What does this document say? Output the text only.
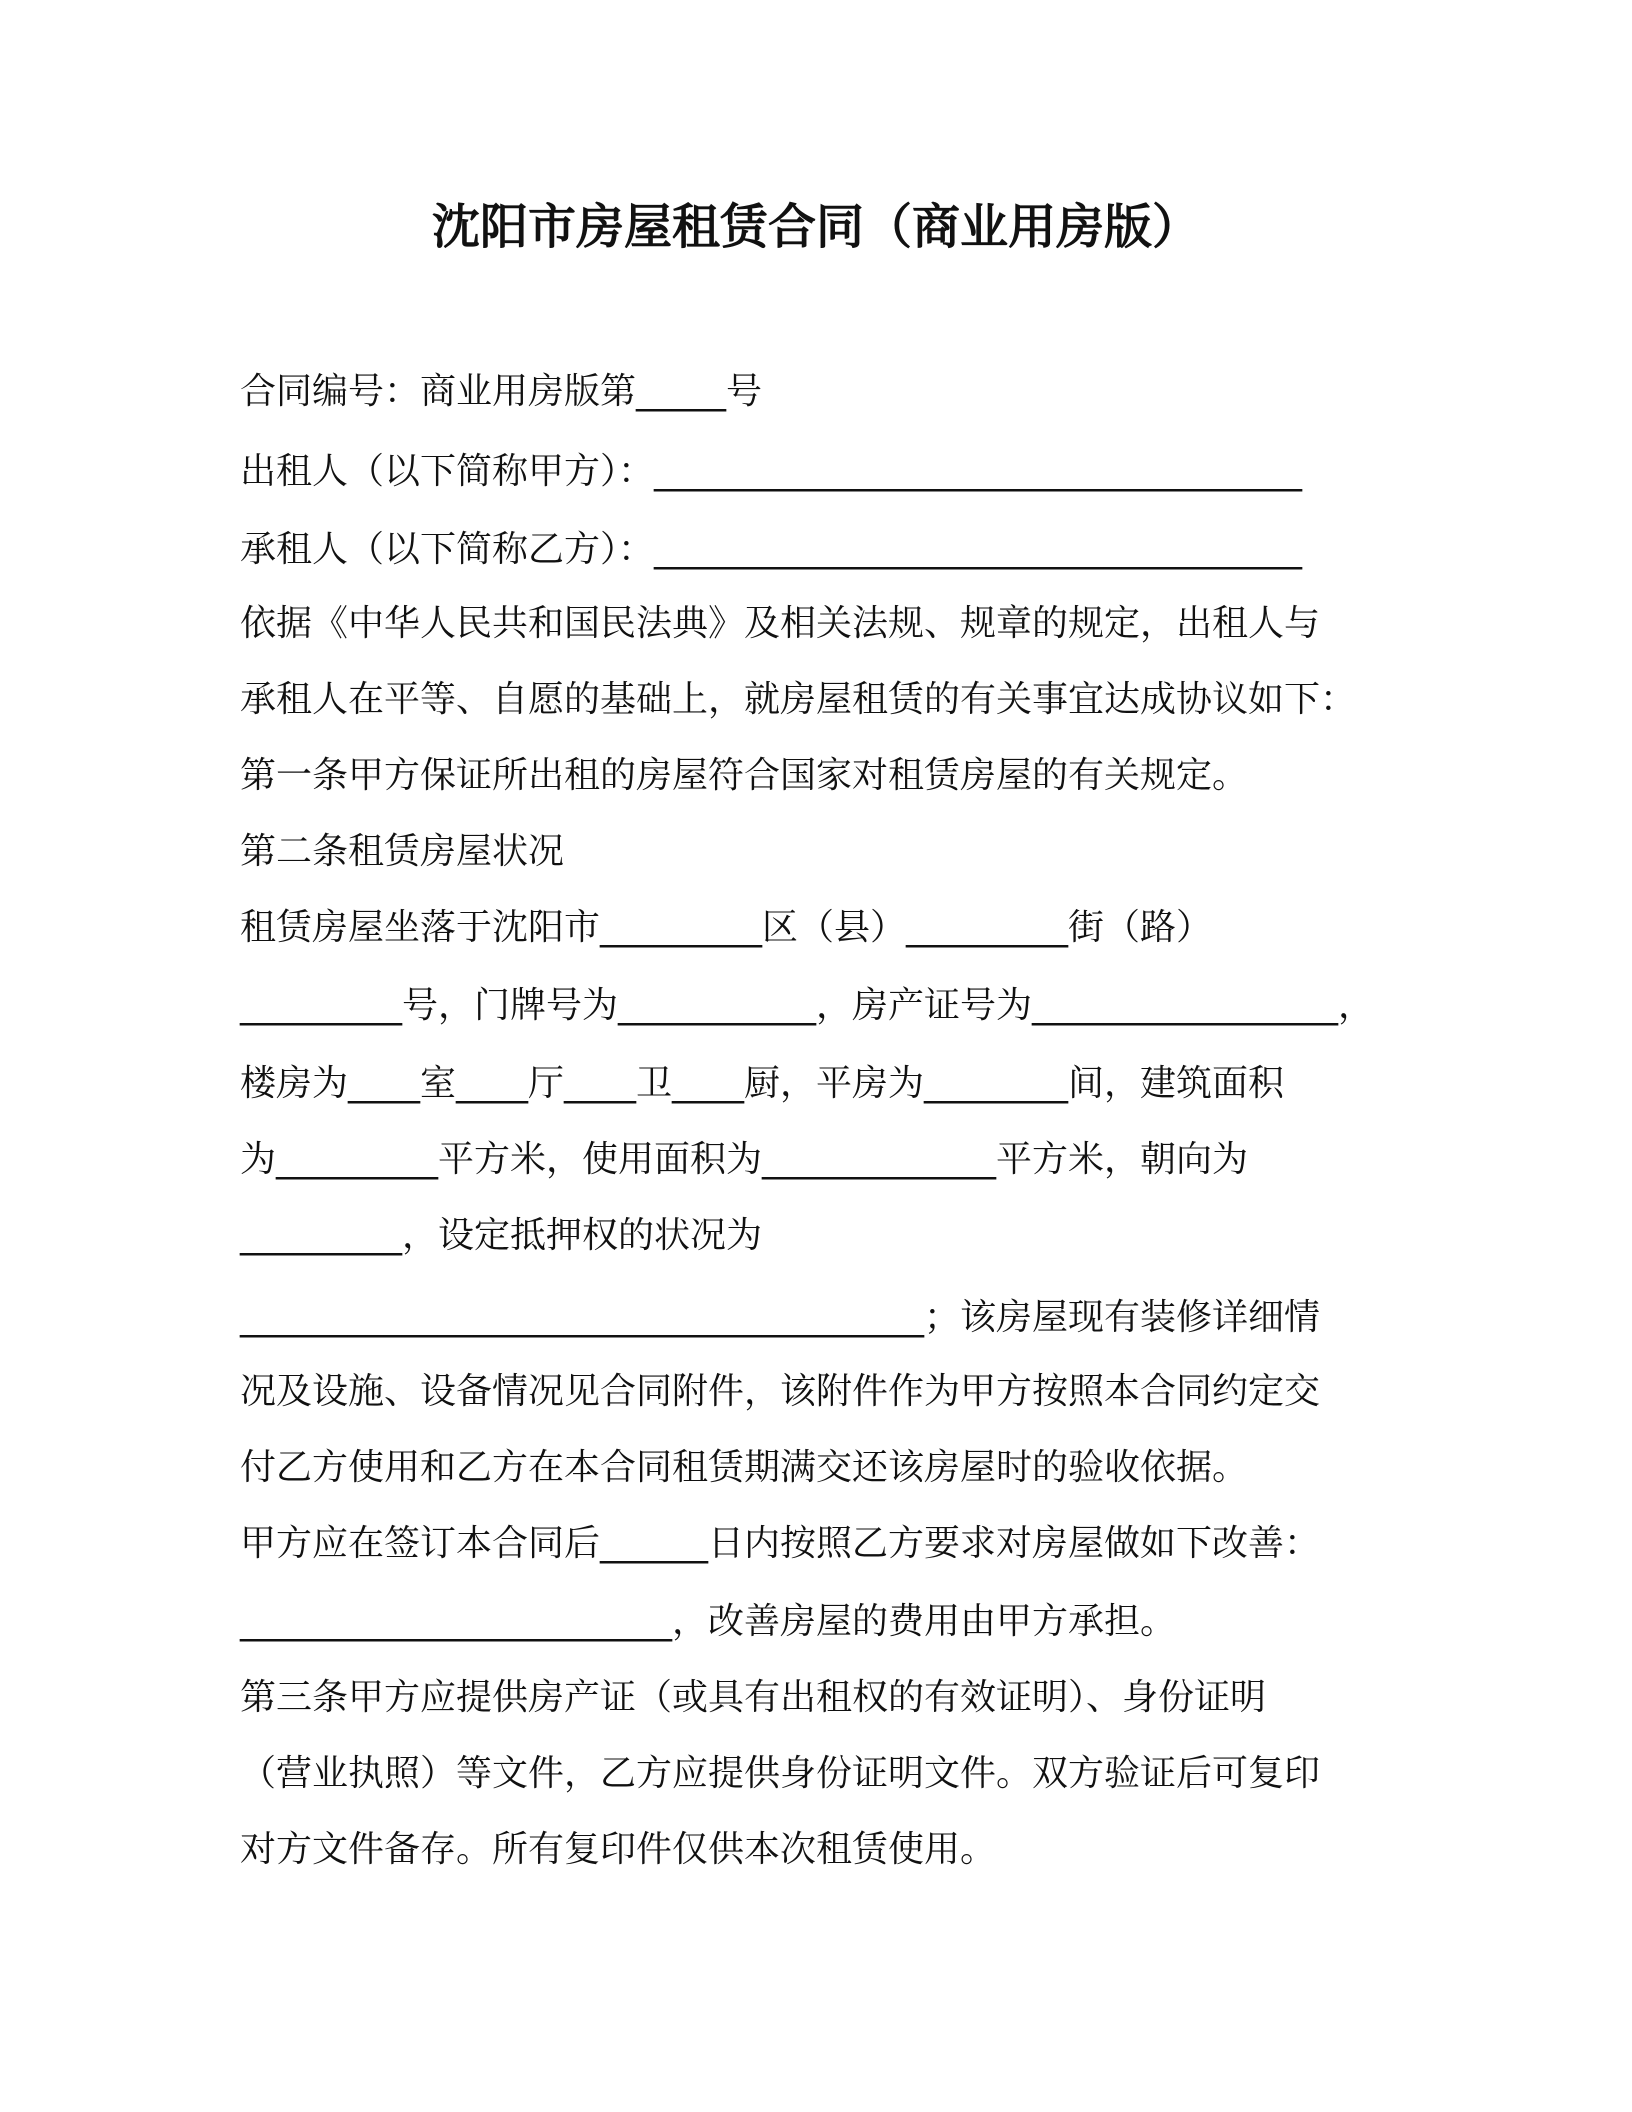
沈阳市房屋租赁合同（商业用房版）
合同编号：商业用房版第_____号
出租人（以下简称甲方）：____________________________________
承租人（以下简称乙方）：____________________________________
依据《中华人民共和国民法典》及相关法规、规章的规定，出租人与
承租人在平等、自愿的基础上，就房屋租赁的有关事宜达成协议如下：
第一条甲方保证所出租的房屋符合国家对租赁房屋的有关规定。
第二条租赁房屋状况
租赁房屋坐落于沈阳市_________区（县）_________街（路）
_________号，门牌号为___________，房产证号为_________________，
楼房为____室____厅____卫____厨，平房为________间，建筑面积
为_________平方米，使用面积为_____________平方米，朝向为
_________，设定抵押权的状况为
______________________________________；该房屋现有装修详细情
况及设施、设备情况见合同附件，该附件作为甲方按照本合同约定交
付乙方使用和乙方在本合同租赁期满交还该房屋时的验收依据。
甲方应在签订本合同后______日内按照乙方要求对房屋做如下改善：
________________________，改善房屋的费用由甲方承担。
第三条甲方应提供房产证（或具有出租权的有效证明）、身份证明
（营业执照）等文件，乙方应提供身份证明文件。双方验证后可复印
对方文件备存。所有复印件仅供本次租赁使用。
